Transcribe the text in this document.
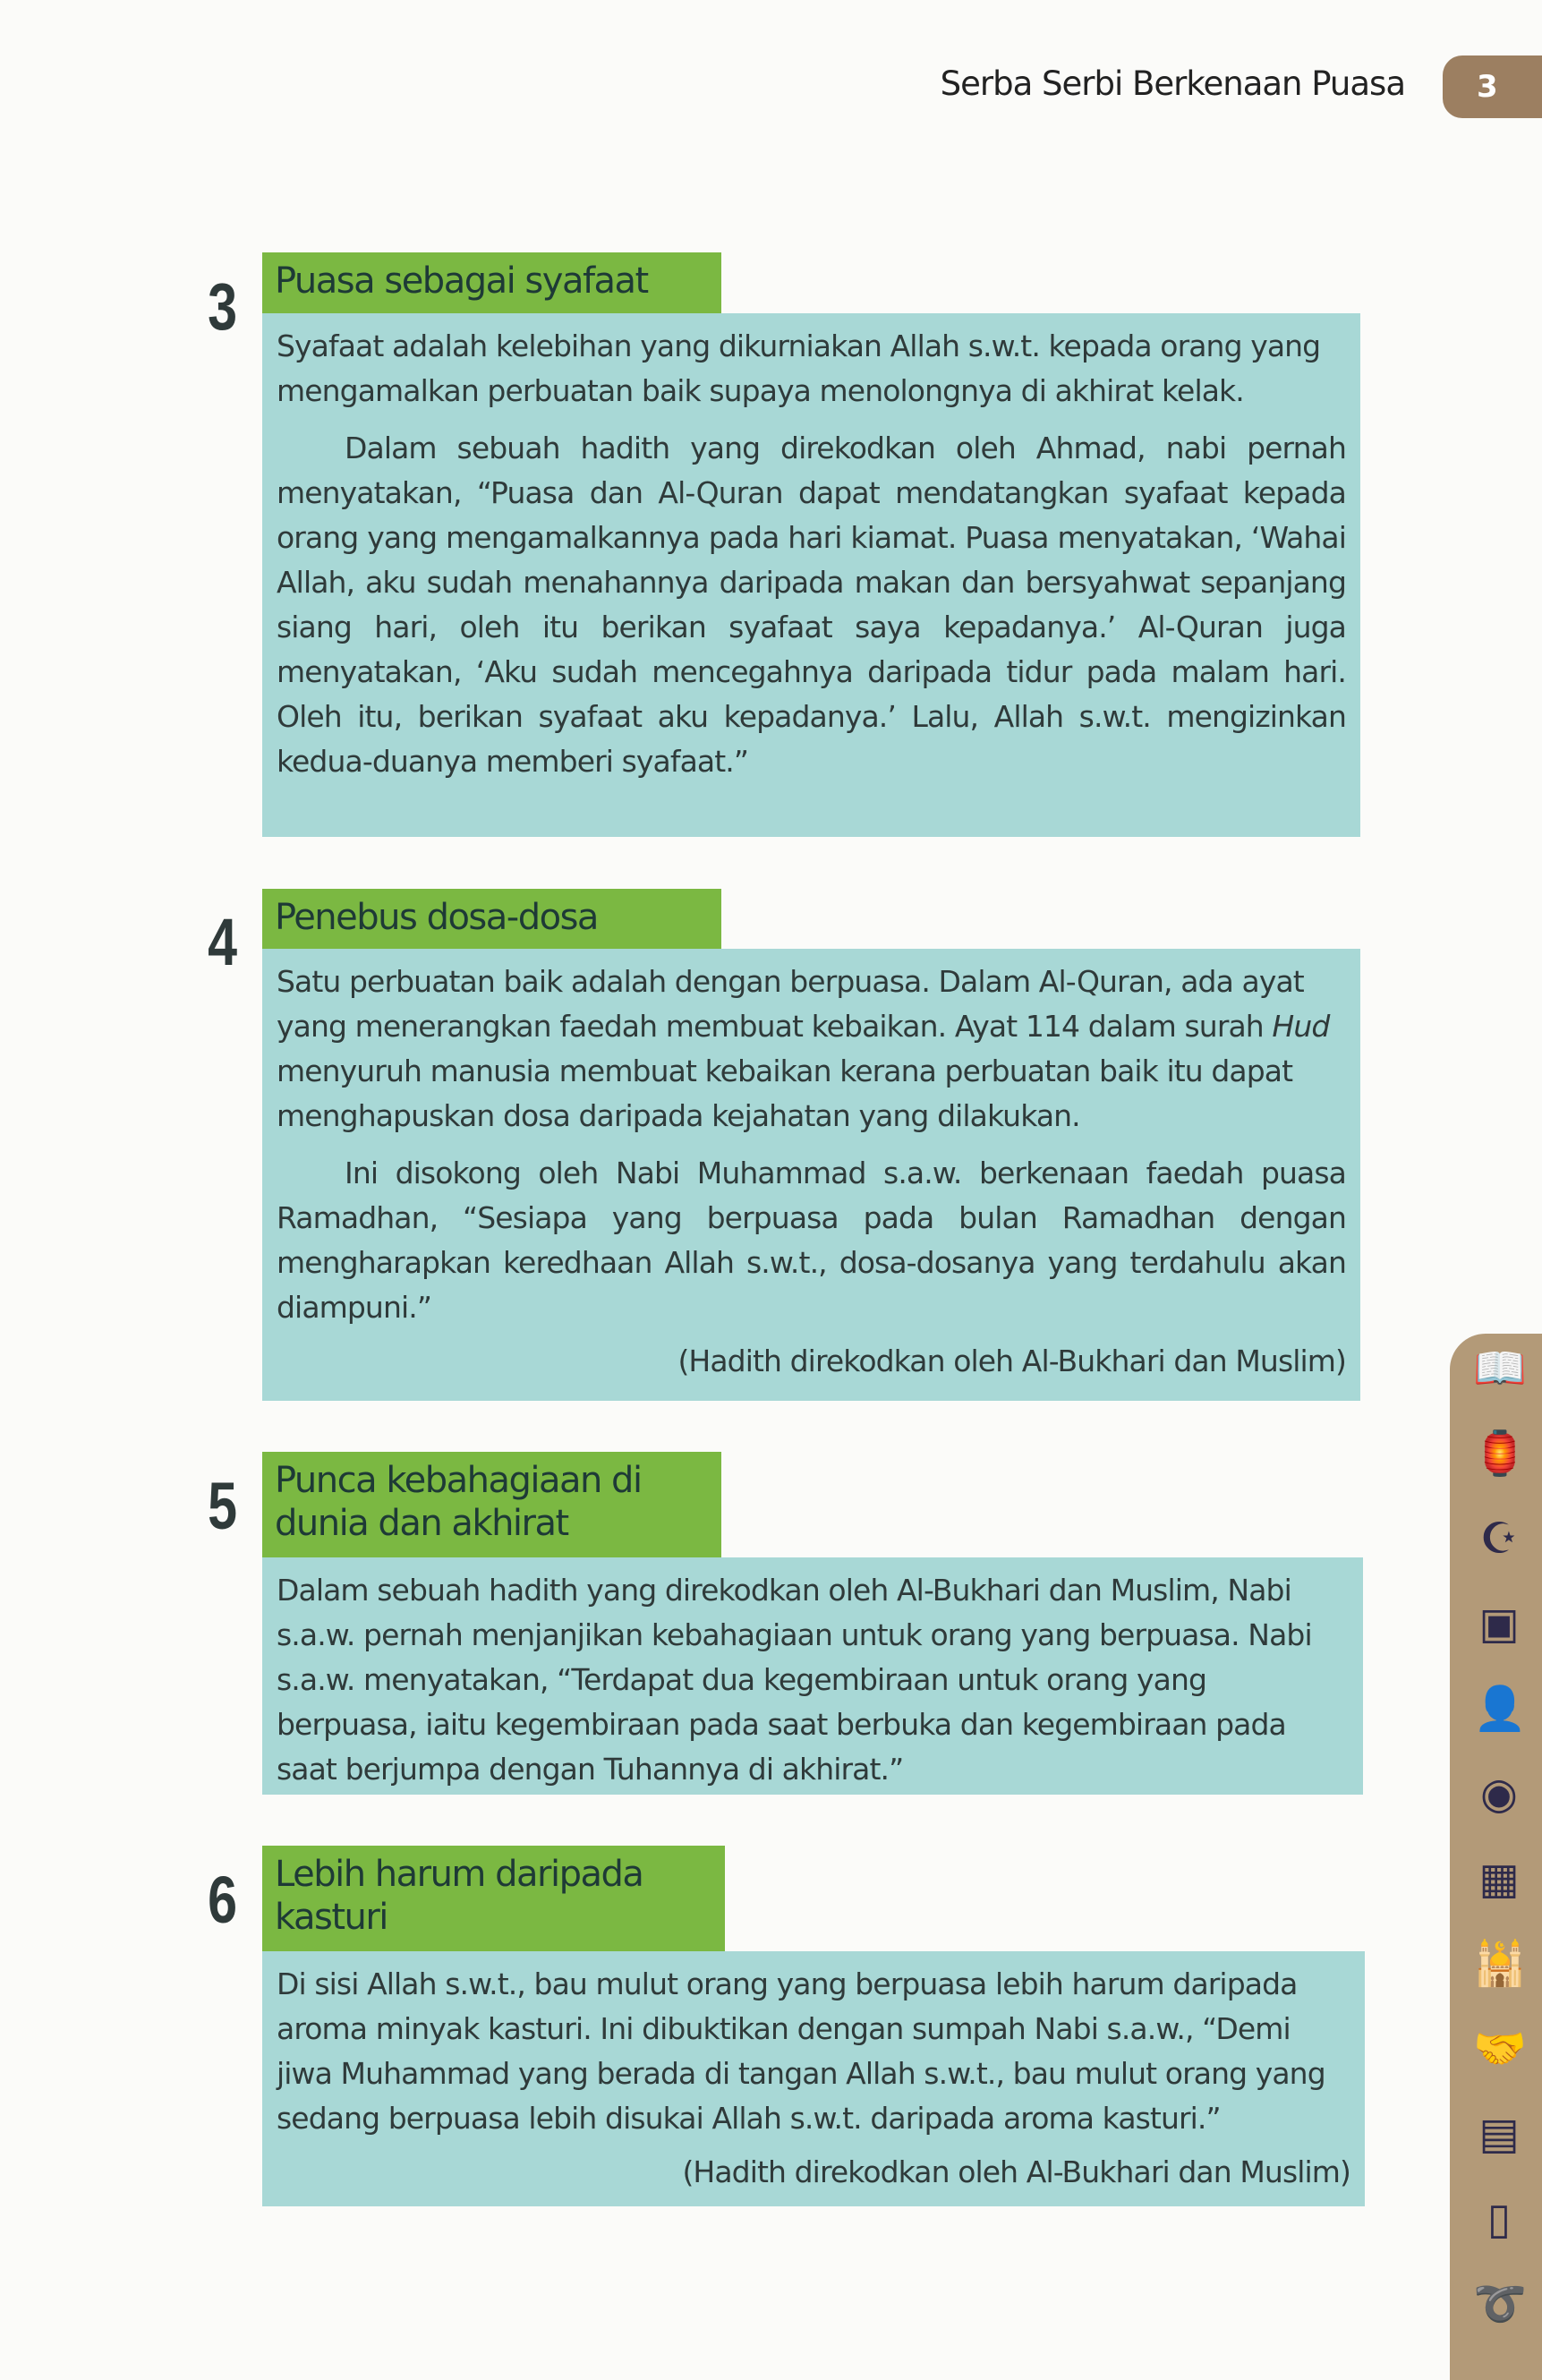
Serba Serbi Berkenaan Puasa	3
3	Puasa sebagai syafaat

Syafaat adalah kelebihan yang dikurniakan Allah s.w.t. kepada orang yang mengamalkan perbuatan baik supaya menolongnya di akhirat kelak.

Dalam sebuah hadith yang direkodkan oleh Ahmad, nabi pernah menyatakan, “Puasa dan Al-Quran dapat mendatangkan syafaat kepada orang yang mengamalkannya pada hari kiamat. Puasa menyatakan, ‘Wahai Allah, aku sudah menahannya daripada makan dan bersyahwat sepanjang siang hari, oleh itu berikan syafaat saya kepadanya.’ Al-Quran juga menyatakan, ‘Aku sudah mencegahnya daripada tidur pada malam hari. Oleh itu, berikan syafaat aku kepadanya.’ Lalu, Allah s.w.t. mengizinkan kedua-duanya memberi syafaat.”

4	Penebus dosa-dosa

Satu perbuatan baik adalah dengan berpuasa. Dalam Al-Quran, ada ayat yang menerangkan faedah membuat kebaikan. Ayat 114 dalam surah Hud menyuruh manusia membuat kebaikan kerana perbuatan baik itu dapat menghapuskan dosa daripada kejahatan yang dilakukan.

Ini disokong oleh Nabi Muhammad s.a.w. berkenaan faedah puasa Ramadhan, “Sesiapa yang berpuasa pada bulan Ramadhan dengan mengharapkan keredhaan Allah s.w.t., dosa-dosanya yang terdahulu akan diampuni.”

(Hadith direkodkan oleh Al-Bukhari dan Muslim)

5	Punca kebahagiaan di dunia dan akhirat

Dalam sebuah hadith yang direkodkan oleh Al-Bukhari dan Muslim, Nabi s.a.w. pernah menjanjikan kebahagiaan untuk orang yang berpuasa. Nabi s.a.w. menyatakan, “Terdapat dua kegembiraan untuk orang yang berpuasa, iaitu kegembiraan pada saat berbuka dan kegembiraan pada saat berjumpa dengan Tuhannya di akhirat.”

6	Lebih harum daripada kasturi

Di sisi Allah s.w.t., bau mulut orang yang berpuasa lebih harum daripada aroma minyak kasturi. Ini dibuktikan dengan sumpah Nabi s.a.w., “Demi jiwa Muhammad yang berada di tangan Allah s.w.t., bau mulut orang yang sedang berpuasa lebih disukai Allah s.w.t. daripada aroma kasturi.”

(Hadith direkodkan oleh Al-Bukhari dan Muslim)

📖
🏮
☪
▣
👤
◉
▦
🕌
🤝
▤
▯
➰
